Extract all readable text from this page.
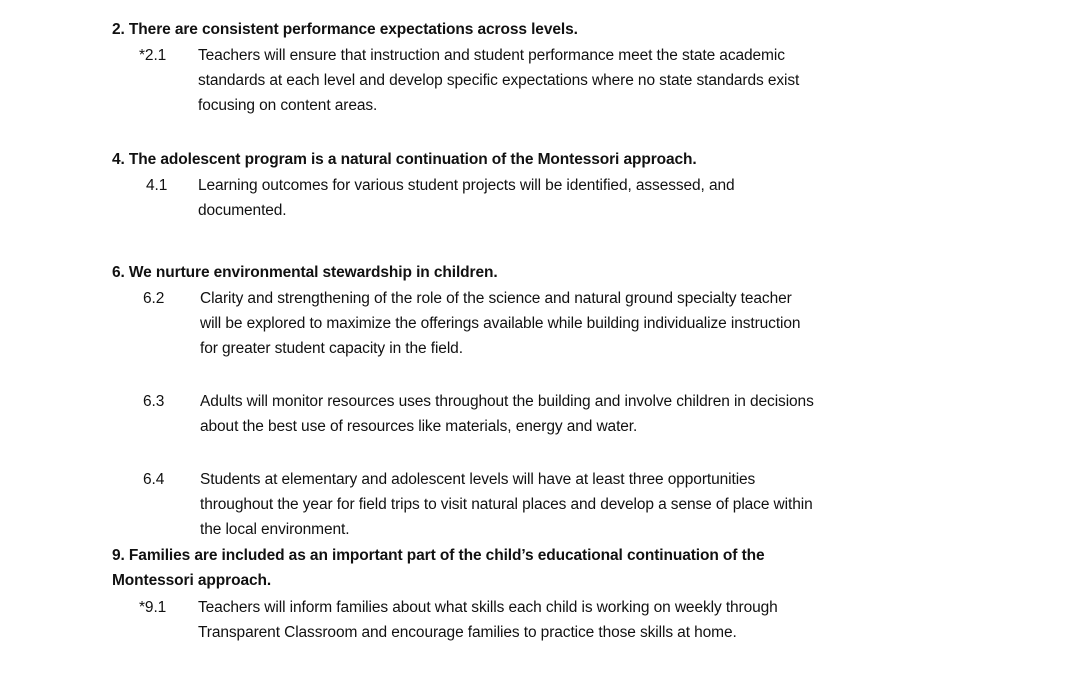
2. There are consistent performance expectations across levels.
*2.1 Teachers will ensure that instruction and student performance meet the state academic
standards at each level and develop specific expectations where no state standards exist
focusing on content areas.
4. The adolescent program is a natural continuation of the Montessori approach.
4.1 Learning outcomes for various student projects will be identified, assessed, and
documented.
6. We nurture environmental stewardship in children.
6.2 Clarity and strengthening of the role of the science and natural ground specialty teacher
will be explored to maximize the offerings available while building individualize instruction
for greater student capacity in the field.
6.3 Adults will monitor resources uses throughout the building and involve children in decisions
about the best use of resources like materials, energy and water.
6.4 Students at elementary and adolescent levels will have at least three opportunities
throughout the year for field trips to visit natural places and develop a sense of place within
the local environment.
9. Families are included as an important part of the child’s educational continuation of the
Montessori approach.
*9.1 Teachers will inform families about what skills each child is working on weekly through
Transparent Classroom and encourage families to practice those skills at home.
